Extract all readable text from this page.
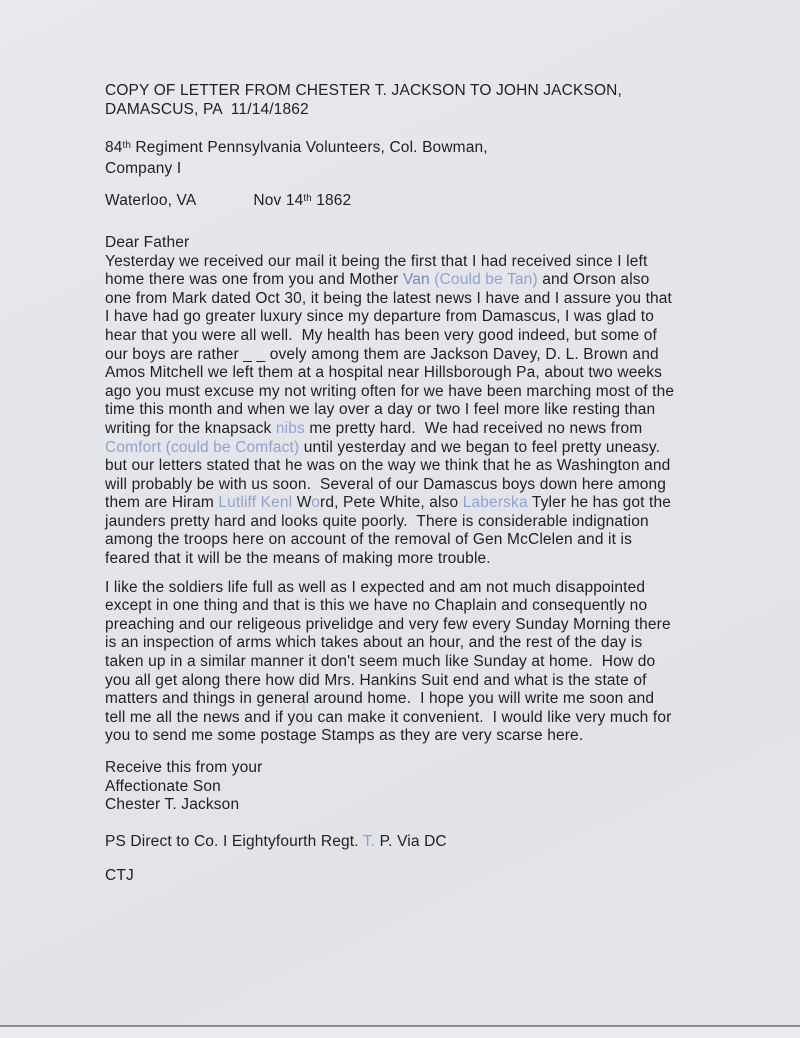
COPY OF LETTER FROM CHESTER T. JACKSON TO JOHN JACKSON,
DAMASCUS, PA  11/14/1862
84th Regiment Pennsylvania Volunteers, Col. Bowman,
Company I
Waterloo, VA	Nov 14th 1862
Dear Father
Yesterday we received our mail it being the first that I had received since I left
home there was one from you and Mother Van (Could be Tan) and Orson also
one from Mark dated Oct 30, it being the latest news I have and I assure you that
I have had go greater luxury since my departure from Damascus, I was glad to
hear that you were all well.  My health has been very good indeed, but some of
our boys are rather _ _ ovely among them are Jackson Davey, D. L. Brown and
Amos Mitchell we left them at a hospital near Hillsborough Pa, about two weeks
ago you must excuse my not writing often for we have been marching most of the
time this month and when we lay over a day or two I feel more like resting than
writing for the knapsack nibs me pretty hard.  We had received no news from
Comfort (could be Comfact) until yesterday and we began to feel pretty uneasy.
but our letters stated that he was on the way we think that he as Washington and
will probably be with us soon.  Several of our Damascus boys down here among
them are Hiram Lutliff Kenl Word, Pete White, also Laberska Tyler he has got the
jaunders pretty hard and looks quite poorly.  There is considerable indignation
among the troops here on account of the removal of Gen McClelen and it is
feared that it will be the means of making more trouble.
I like the soldiers life full as well as I expected and am not much disappointed
except in one thing and that is this we have no Chaplain and consequently no
preaching and our religeous privelidge and very few every Sunday Morning there
is an inspection of arms which takes about an hour, and the rest of the day is
taken up in a similar manner it don't seem much like Sunday at home.  How do
you all get along there how did Mrs. Hankins Suit end and what is the state of
matters and things in general around home.  I hope you will write me soon and
tell me all the news and if you can make it convenient.  I would like very much for
you to send me some postage Stamps as they are very scarse here.
Receive this from your
Affectionate Son
Chester T. Jackson
PS Direct to Co. I Eightyfourth Regt. T. P. Via DC
CTJ
